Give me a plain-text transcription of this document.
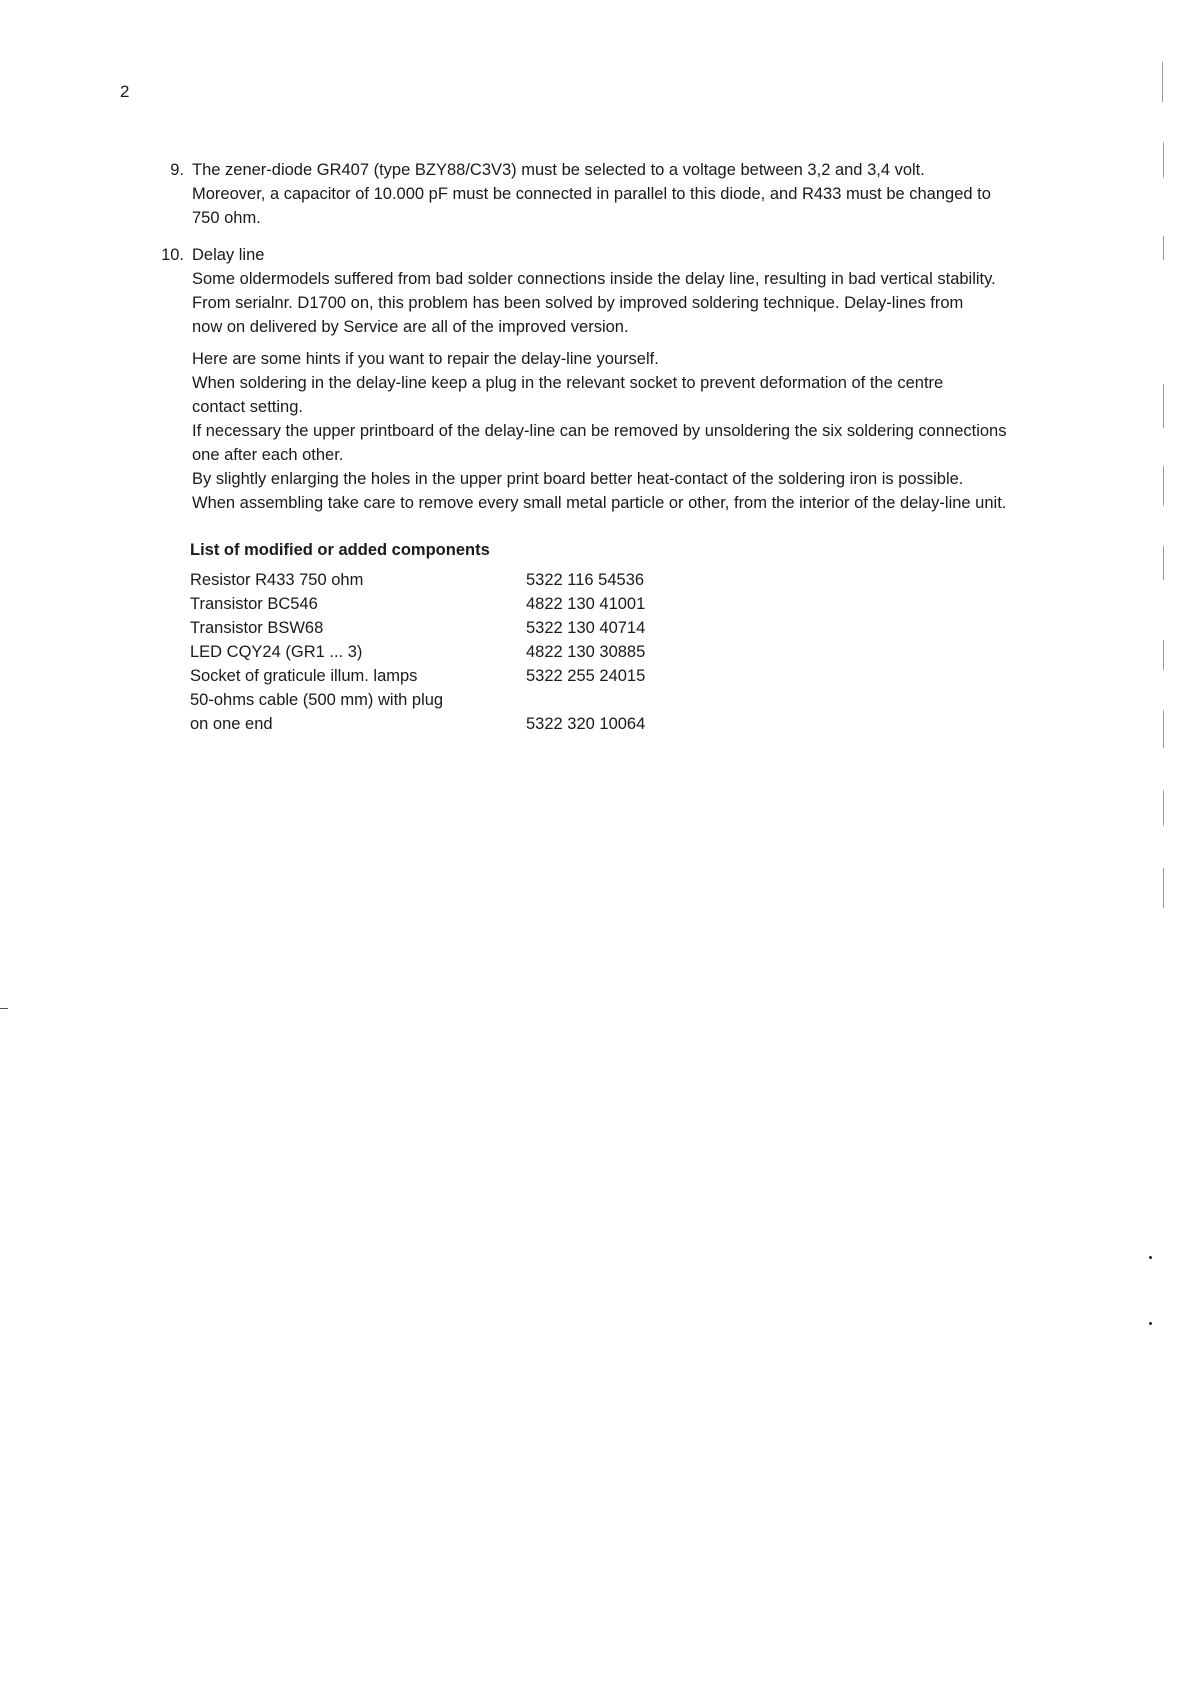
2
9. The zener-diode GR407 (type BZY88/C3V3) must be selected to a voltage between 3,2 and 3,4 volt.

Moreover, a capacitor of 10.000 pF must be connected in parallel to this diode, and R433 must be changed to

750 ohm.

10. Delay line

Some oldermodels suffered from bad solder connections inside the delay line, resulting in bad vertical stability.

From serialnr. D1700 on, this problem has been solved by improved soldering technique. Delay-lines from

now on delivered by Service are all of the improved version.

Here are some hints if you want to repair the delay-line yourself.

When soldering in the delay-line keep a plug in the relevant socket to prevent deformation of the centre

contact setting.

If necessary the upper printboard of the delay-line can be removed by unsoldering the six soldering connections

one after each other.

By slightly enlarging the holes in the upper print board better heat-contact of the soldering iron is possible.

When assembling take care to remove every small metal particle or other, from the interior of the delay-line unit.

List of modified or added components
Resistor R433 750 ohm	5322 116 54536
Transistor BC546	4822 130 41001
Transistor BSW68	5322 130 40714
LED CQY24 (GR1 ... 3)	4822 130 30885
Socket of graticule illum. lamps	5322 255 24015
50-ohms cable (500 mm) with plug
on one end	5322 320 10064
